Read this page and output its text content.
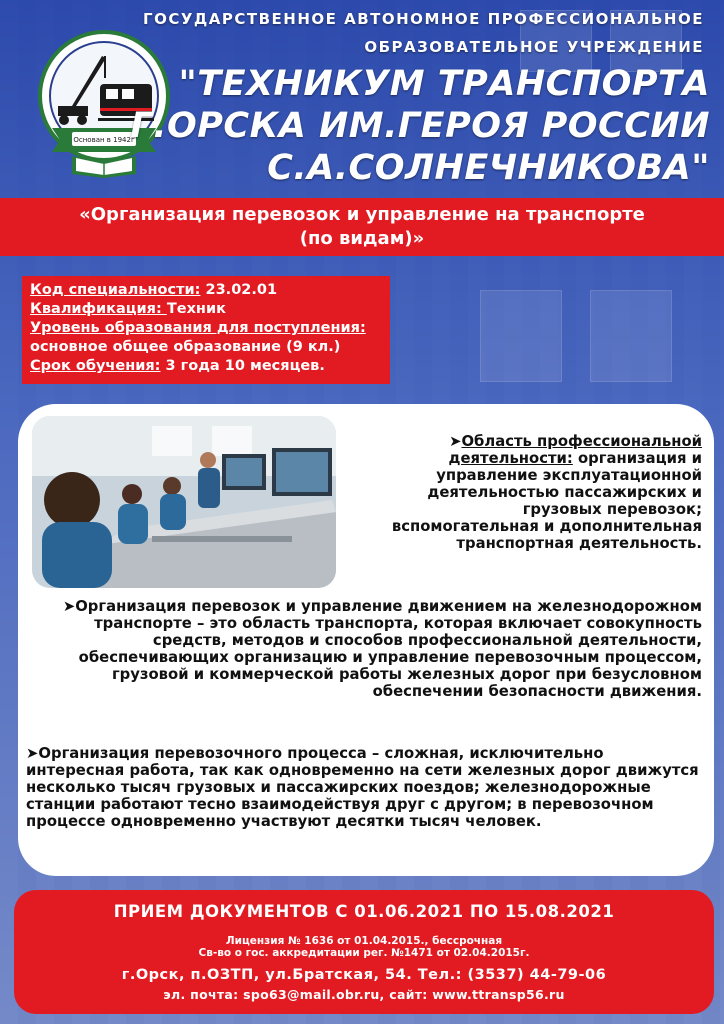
Основан в 1942г
ГОСУДАРСТВЕННОЕ АВТОНОМНОЕ ПРОФЕССИОНАЛЬНОЕ
ОБРАЗОВАТЕЛЬНОЕ УЧРЕЖДЕНИЕ
"ТЕХНИКУМ ТРАНСПОРТА
Г.ОРСКА ИМ.ГЕРОЯ РОССИИ
С.А.СОЛНЕЧНИКОВА"
«Организация перевозок и управление на транспорте
(по видам)»
Код специальности: 23.02.01
Квалификация: Техник
Уровень образования для поступления: основное общее образование (9 кл.)
Срок обучения: 3 года 10 месяцев.
➤Область профессиональной деятельности: организация и управление эксплуатационной деятельностью пассажирских и грузовых перевозок; вспомогательная и дополнительная транспортная деятельность.
➤Организация перевозок и управление движением на железнодорожном транспорте – это область транспорта, которая включает совокупность средств, методов и способов профессиональной деятельности, обеспечивающих организацию и управление перевозочным процессом, грузовой и коммерческой работы железных дорог при безусловном обеспечении безопасности движения.
➤Организация перевозочного процесса – сложная, исключительно интересная работа, так как одновременно на сети железных дорог движутся несколько тысяч грузовых и пассажирских поездов; железнодорожные станции работают тесно взаимодействуя друг с другом; в перевозочном процессе одновременно участвуют десятки тысяч человек.
ПРИЕМ ДОКУМЕНТОВ С 01.06.2021 ПО 15.08.2021
Лицензия № 1636 от 01.04.2015., бессрочная
Св-во о гос. аккредитации рег. №1471 от 02.04.2015г.
г.Орск, п.ОЗТП, ул.Братская, 54. Тел.: (3537) 44-79-06
эл. почта: spo63@mail.obr.ru, сайт: www.ttransp56.ru
